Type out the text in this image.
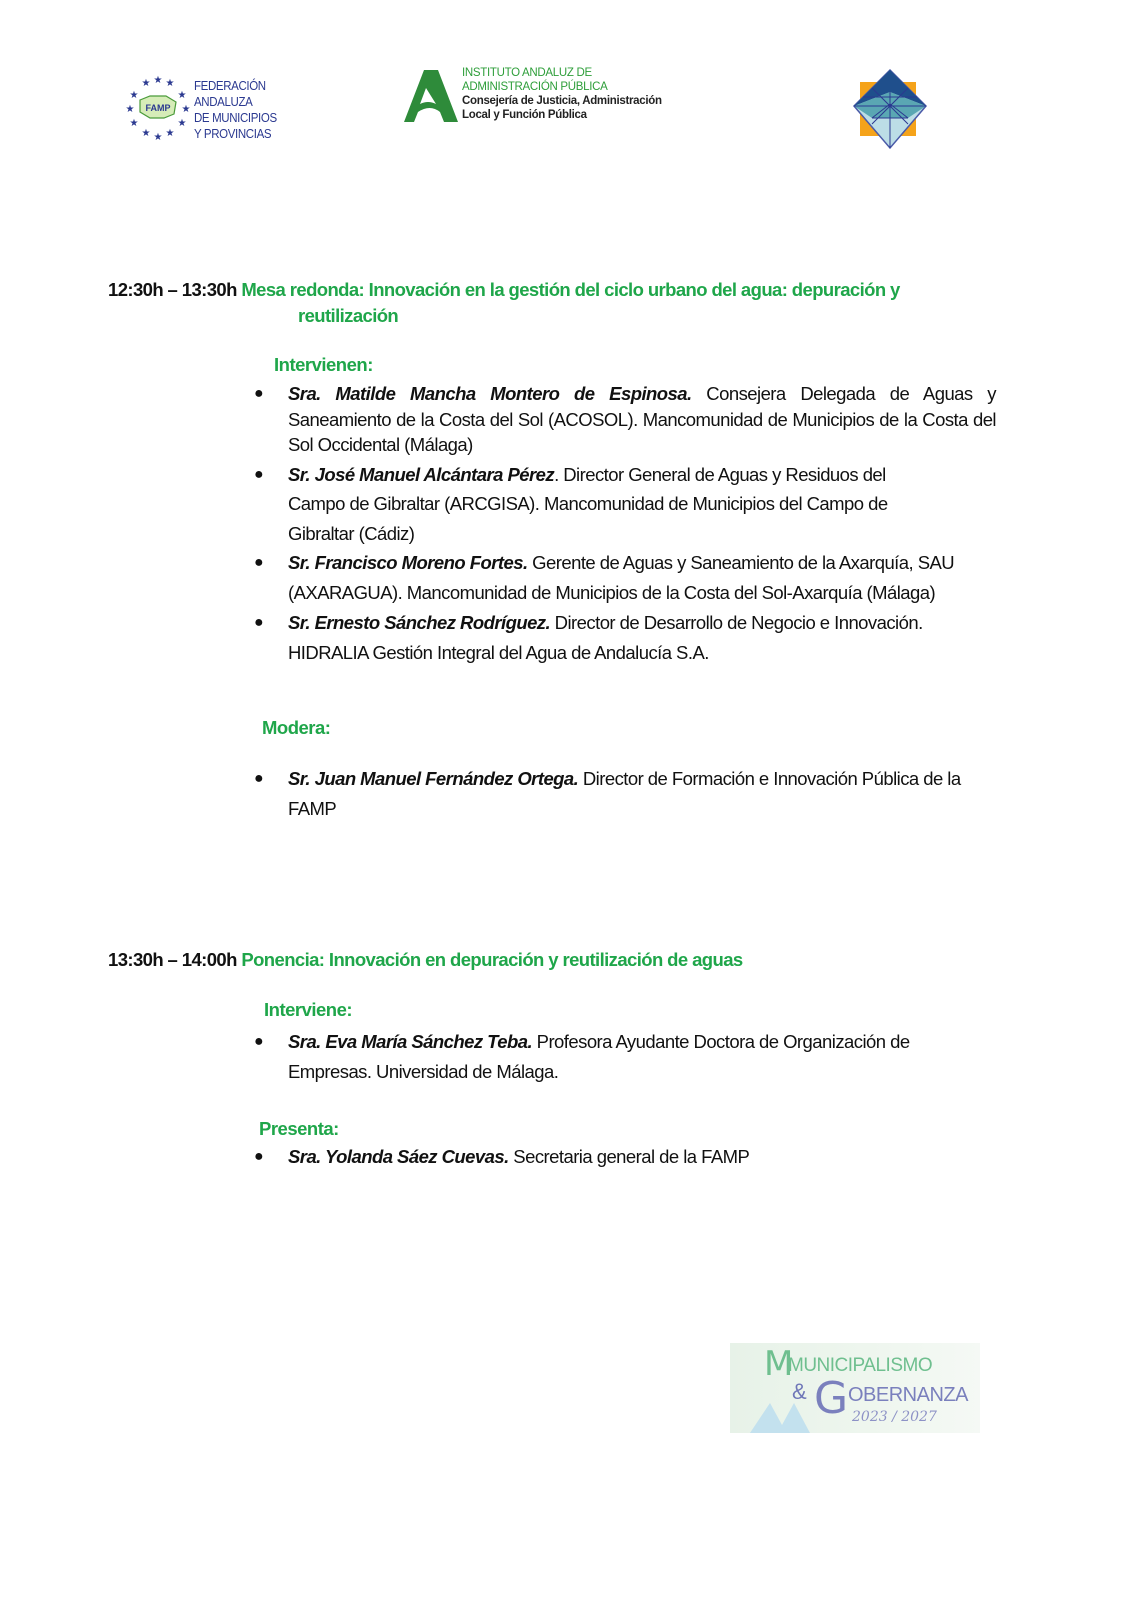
★ ★ ★
★	★
★	★
★	★
★ ★ ★
FAMP
FEDERACIÓN
ANDALUZA
DE MUNICIPIOS
Y PROVINCIAS
INSTITUTO ANDALUZ DE
ADMINISTRACIÓN PÚBLICA
Consejería de Justicia, Administración
Local y Función Pública
12:30h – 13:30h Mesa redonda: Innovación en la gestión del ciclo urbano del agua: depuración y
reutilización
Intervienen:
● Sra. Matilde Mancha Montero de Espinosa. Consejera Delegada de Aguas y Saneamiento de la Costa del Sol (ACOSOL). Mancomunidad de Municipios de la Costa del Sol Occidental (Málaga)
● Sr. José Manuel Alcántara Pérez. Director General de Aguas y Residuos del Campo de Gibraltar (ARCGISA). Mancomunidad de Municipios del Campo de Gibraltar (Cádiz)
● Sr. Francisco Moreno Fortes. Gerente de Aguas y Saneamiento de la Axarquía, SAU (AXARAGUA). Mancomunidad de Municipios de la Costa del Sol-Axarquía (Málaga)
● Sr. Ernesto Sánchez Rodríguez. Director de Desarrollo de Negocio e Innovación. HIDRALIA Gestión Integral del Agua de Andalucía S.A.
Modera:
● Sr. Juan Manuel Fernández Ortega. Director de Formación e Innovación Pública de la FAMP
13:30h – 14:00h Ponencia: Innovación en depuración y reutilización de aguas
Interviene:
● Sra. Eva María Sánchez Teba. Profesora Ayudante Doctora de Organización de Empresas. Universidad de Málaga.
Presenta:
● Sra. Yolanda Sáez Cuevas. Secretaria general de la FAMP
M
MUNICIPALISMO
& G OBERNANZA
2023 / 2027
